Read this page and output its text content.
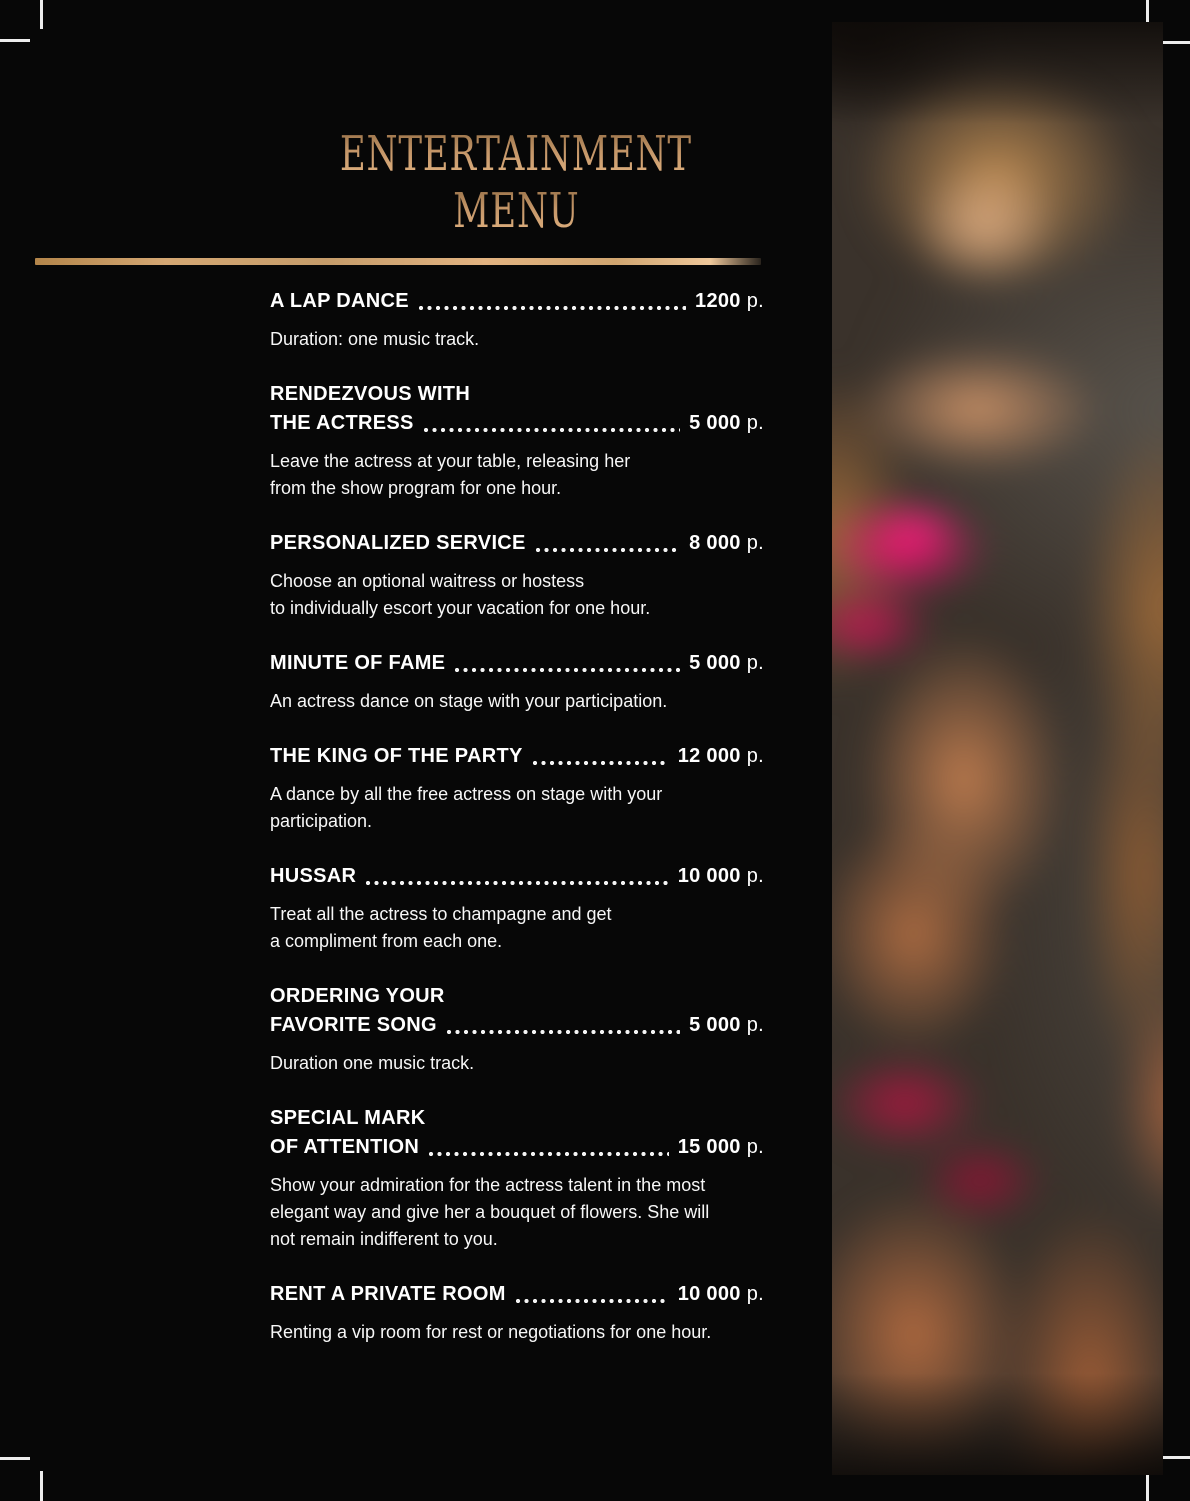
ENTERTAINMENT
MENU
A LAP DANCE	1200 p.
Duration: one music track.
RENDEZVOUS WITH
THE ACTRESS	5 000 p.
Leave the actress at your table, releasing her
from the show program for one hour.
PERSONALIZED SERVICE	8 000 p.
Choose an optional waitress or hostess
to individually escort your vacation for one hour.
MINUTE OF FAME	5 000 p.
An actress dance on stage with your participation.
THE KING OF THE PARTY	12 000 p.
A dance by all the free actress on stage with your
participation.
HUSSAR	10 000 p.
Treat all the actress to champagne and get
a compliment from each one.
ORDERING YOUR
FAVORITE SONG	5 000 p.
Duration one music track.
SPECIAL MARK
OF ATTENTION	15 000 p.
Show your admiration for the actress talent in the most
elegant way and give her a bouquet of flowers. She will
not remain indifferent to you.
RENT A PRIVATE ROOM	10 000 p.
Renting a vip room for rest or negotiations for one hour.
